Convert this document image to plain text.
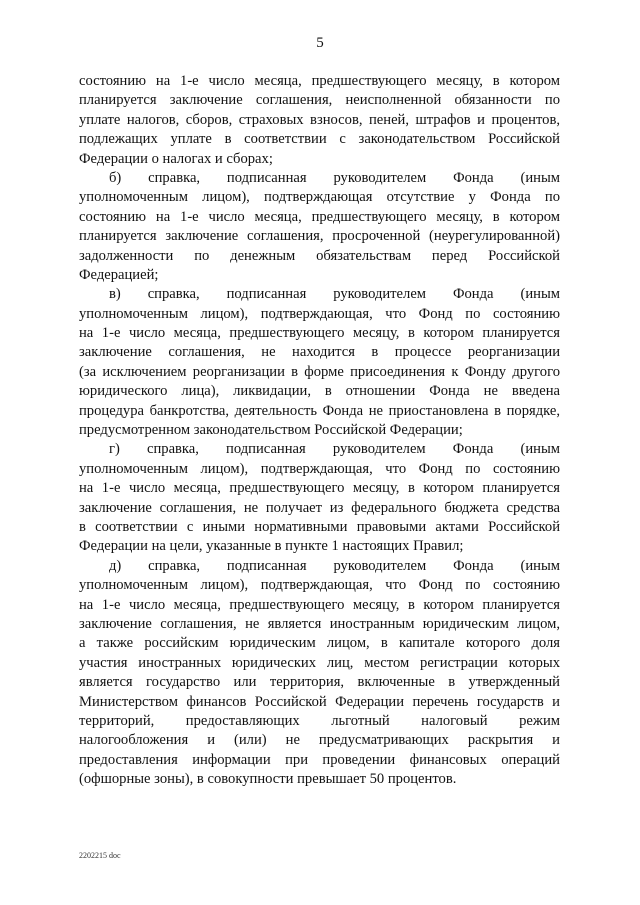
5
состоянию на 1-е число месяца, предшествующего месяцу, в котором
планируется заключение соглашения, неисполненной обязанности по
уплате налогов, сборов, страховых взносов, пеней, штрафов и процентов,
подлежащих уплате в соответствии с законодательством Российской
Федерации о налогах и сборах;
б) справка, подписанная руководителем Фонда (иным
уполномоченным лицом), подтверждающая отсутствие у Фонда по
состоянию на 1-е число месяца, предшествующего месяцу, в котором
планируется заключение соглашения, просроченной (неурегулированной)
задолженности по денежным обязательствам перед Российской
Федерацией;
в) справка, подписанная руководителем Фонда (иным
уполномоченным лицом), подтверждающая, что Фонд по состоянию
на 1-е число месяца, предшествующего месяцу, в котором планируется
заключение соглашения, не находится в процессе реорганизации
(за исключением реорганизации в форме присоединения к Фонду другого
юридического лица), ликвидации, в отношении Фонда не введена
процедура банкротства, деятельность Фонда не приостановлена в порядке,
предусмотренном законодательством Российской Федерации;
г) справка, подписанная руководителем Фонда (иным
уполномоченным лицом), подтверждающая, что Фонд по состоянию
на 1-е число месяца, предшествующего месяцу, в котором планируется
заключение соглашения, не получает из федерального бюджета средства
в соответствии с иными нормативными правовыми актами Российской
Федерации на цели, указанные в пункте 1 настоящих Правил;
д) справка, подписанная руководителем Фонда (иным
уполномоченным лицом), подтверждающая, что Фонд по состоянию
на 1-е число месяца, предшествующего месяцу, в котором планируется
заключение соглашения, не является иностранным юридическим лицом,
а также российским юридическим лицом, в капитале которого доля
участия иностранных юридических лиц, местом регистрации которых
является государство или территория, включенные в утвержденный
Министерством финансов Российской Федерации перечень государств и
территорий, предоставляющих льготный налоговый режим
налогообложения и (или) не предусматривающих раскрытия и
предоставления информации при проведении финансовых операций
(офшорные зоны), в совокупности превышает 50 процентов.
2202215 doc
